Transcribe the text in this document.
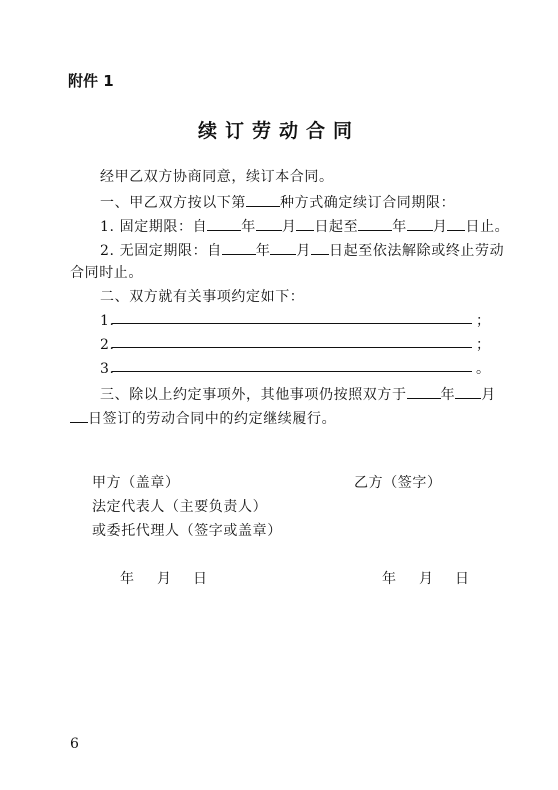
附件 1
续订劳动合同
经甲乙双方协商同意，续订本合同。
一、甲乙双方按以下第 种方式确定续订合同期限：
1. 固定期限：自 年 月 日起至 年 月 日止。
2. 无固定期限：自 年 月 日起至依法解除或终止劳动
合同时止。
二、双方就有关事项约定如下：
1.	；
2.	；
3.	。
三、除以上约定事项外，其他事项仍按照双方于 年 月
日签订的劳动合同中的约定继续履行。
甲方（盖章）	乙方（签字）
法定代表人（主要负责人）
或委托代理人（签字或盖章）
年 月 日	年 月 日
6
